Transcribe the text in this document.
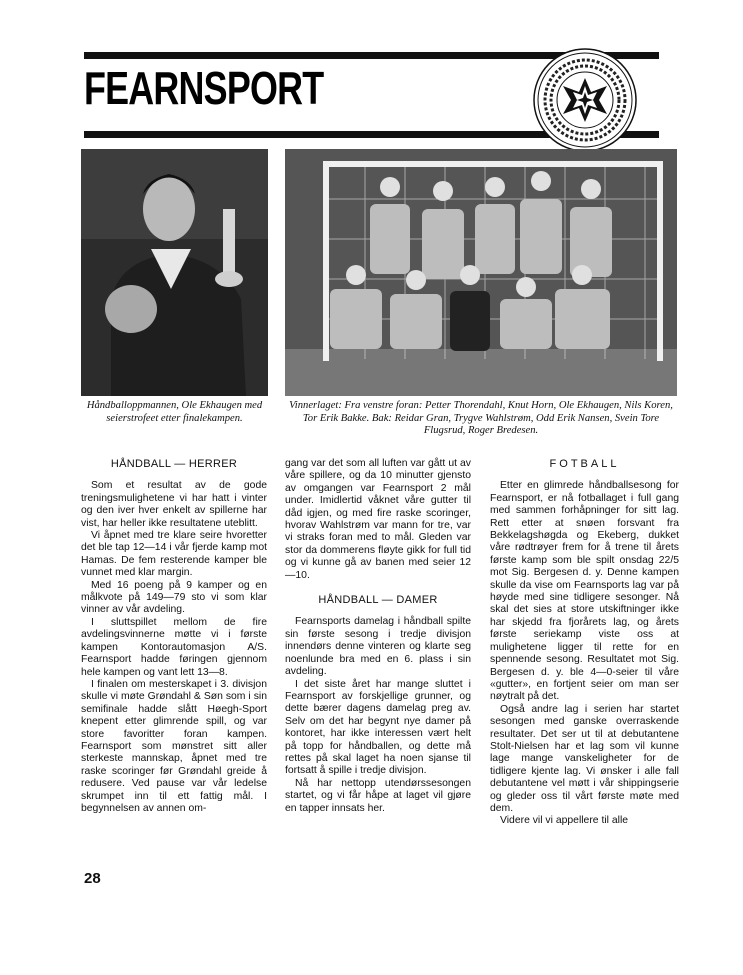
FEARNSPORT
Håndballoppmannen, Ole Ekhaugen med seierstrofeet etter finalekampen.
Vinnerlaget: Fra venstre foran: Petter Thorendahl, Knut Horn, Ole Ekhaugen, Nils Koren, Tor Erik Bakke. Bak: Reidar Gran, Trygve Wahlstrøm, Odd Erik Nansen, Svein Tore Flugsrud, Roger Bredesen.
HÅNDBALL — HERRER

Som et resultat av de gode treningsmulighetene vi har hatt i vinter og den iver hver enkelt av spillerne har vist, har heller ikke resultatene uteblitt.

Vi åpnet med tre klare seire hvoretter det ble tap 12—14 i vår fjerde kamp mot Hamas. De fem resterende kamper ble vunnet med klar margin.

Med 16 poeng på 9 kamper og en målkvote på 149—79 sto vi som klar vinner av vår avdeling.

I sluttspillet mellom de fire avdelingsvinnerne møtte vi i første kampen Kontorautomasjon A/S. Fearnsport hadde føringen gjennom hele kampen og vant lett 13—8.

I finalen om mesterskapet i 3. divisjon skulle vi møte Grøndahl & Søn som i sin semifinale hadde slått Høegh-Sport knepent etter glimrende spill, og var store favoritter foran kampen. Fearnsport som mønstret sitt aller sterkeste mannskap, åpnet med tre raske scoringer før Grøndahl greide å redusere. Ved pause var vår ledelse skrumpet inn til ett fattig mål. I begynnelsen av annen om-

gang var det som all luften var gått ut av våre spillere, og da 10 minutter gjensto av omgangen var Fearnsport 2 mål under. Imidlertid våknet våre gutter til dåd igjen, og med fire raske scoringer, hvorav Wahlstrøm var mann for tre, var vi straks foran med to mål. Gleden var stor da dommerens fløyte gikk for full tid og vi kunne gå av banen med seier 12—10.

HÅNDBALL — DAMER

Fearnsports damelag i håndball spilte sin første sesong i tredje divisjon innendørs denne vinteren og klarte seg noenlunde bra med en 6. plass i sin avdeling.

I det siste året har mange sluttet i Fearnsport av forskjellige grunner, og dette bærer dagens damelag preg av. Selv om det har begynt nye damer på kontoret, har ikke interessen vært helt på topp for håndballen, og dette må rettes på skal laget ha noen sjanse til fortsatt å spille i tredje divisjon.

Nå har nettopp utendørssesongen startet, og vi får håpe at laget vil gjøre en tapper innsats her.

FOTBALL

Etter en glimrede håndballsesong for Fearnsport, er nå fotballaget i full gang med sammen forhåpninger for sitt lag. Rett etter at snøen forsvant fra Bekkelagshøgda og Ekeberg, dukket våre rødtrøyer frem for å trene til årets første kamp som ble spilt onsdag 22/5 mot Sig. Bergesen d. y. Denne kampen skulle da vise om Fearnsports lag var på høyde med sine tidligere sesonger. Nå skal det sies at store utskiftninger ikke har skjedd fra fjorårets lag, og årets første seriekamp viste oss at mulighetene ligger til rette for en spennende sesong. Resultatet mot Sig. Bergesen d. y. ble 4—0-seier til våre «gutter», en fortjent seier om man ser nøytralt på det.

Også andre lag i serien har startet sesongen med ganske overraskende resultater. Det ser ut til at debutantene Stolt-Nielsen har et lag som vil kunne lage mange vanskeligheter for de tidligere kjente lag. Vi ønsker i alle fall debutantene vel møtt i vår shippingserie og gleder oss til vårt første møte med dem.

Videre vil vi appellere til alle

28
